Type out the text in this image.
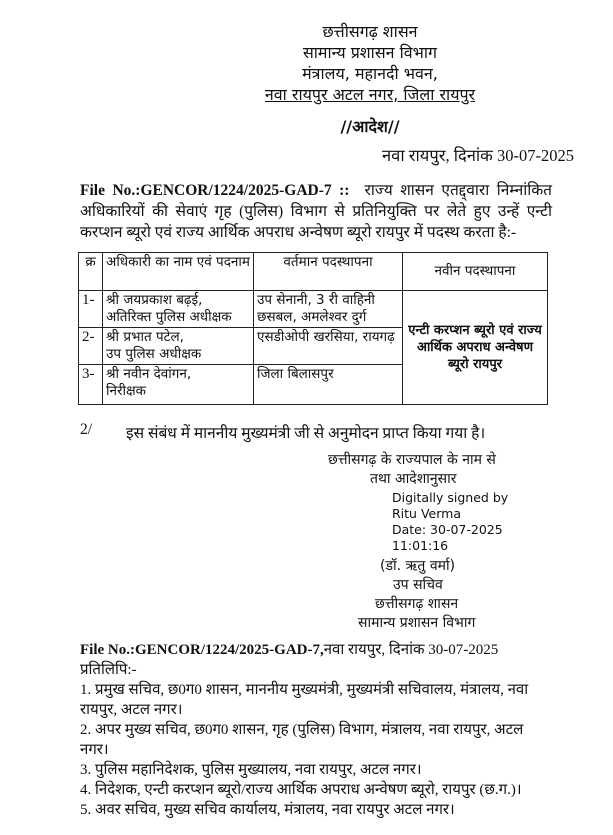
छत्तीसगढ़ शासन
सामान्य प्रशासन विभाग
मंत्रालय, महानदी भवन,
नवा रायपुर अटल नगर, जिला रायपुर
//आदेश//
नवा रायपुर, दिनांक 30-07-2025
File No.:GENCOR/1224/2025-GAD-7 :: राज्य शासन एतद्द्वारा निम्नांकित अधिकारियों की सेवाएं गृह (पुलिस) विभाग से प्रतिनियुक्ति पर लेते हुए उन्हें एन्टी करप्शन ब्यूरो एवं राज्य आर्थिक अपराध अन्वेषण ब्यूरो रायपुर में पदस्थ करता है:-
क्र	अधिकारी का नाम एवं पदनाम	वर्तमान पदस्थापना	नवीन पदस्थापना
1-	श्री जयप्रकाश बढ़ई,
अतिरिक्त पुलिस अधीक्षक	उप सेनानी, 3 री वाहिनी छसबल, अमलेश्वर दुर्ग	एन्टी करप्शन ब्यूरो एवं राज्य आर्थिक अपराध अन्वेषण ब्यूरो रायपुर
2-	श्री प्रभात पटेल,
उप पुलिस अधीक्षक	एसडीओपी खरसिया, रायगढ़	
3-	श्री नवीन देवांगन,
निरीक्षक	जिला बिलासपुर	
2/ इस संबंध में माननीय मुख्यमंत्री जी से अनुमोदन प्राप्त किया गया है।
छत्तीसगढ़ के राज्यपाल के नाम से
तथा आदेशानुसार
Digitally signed by
Ritu Verma
Date: 30-07-2025
11:01:16
(डॉ. ऋतु वर्मा)
उप सचिव
छत्तीसगढ़ शासन
सामान्य प्रशासन विभाग
File No.:GENCOR/1224/2025-GAD-7,नवा रायपुर, दिनांक 30-07-2025
प्रतिलिपि:-
1. प्रमुख सचिव, छ0ग0 शासन, माननीय मुख्यमंत्री, मुख्यमंत्री सचिवालय, मंत्रालय, नवा रायपुर, अटल नगर।
2. अपर मुख्य सचिव, छ0ग0 शासन, गृह (पुलिस) विभाग, मंत्रालय, नवा रायपुर, अटल नगर।
3. पुलिस महानिदेशक, पुलिस मुख्यालय, नवा रायपुर, अटल नगर।
4. निदेशक, एन्टी करप्शन ब्यूरो/राज्य आर्थिक अपराध अन्वेषण ब्यूरो, रायपुर (छ.ग.)।
5. अवर सचिव, मुख्य सचिव कार्यालय, मंत्रालय, नवा रायपुर अटल नगर।
